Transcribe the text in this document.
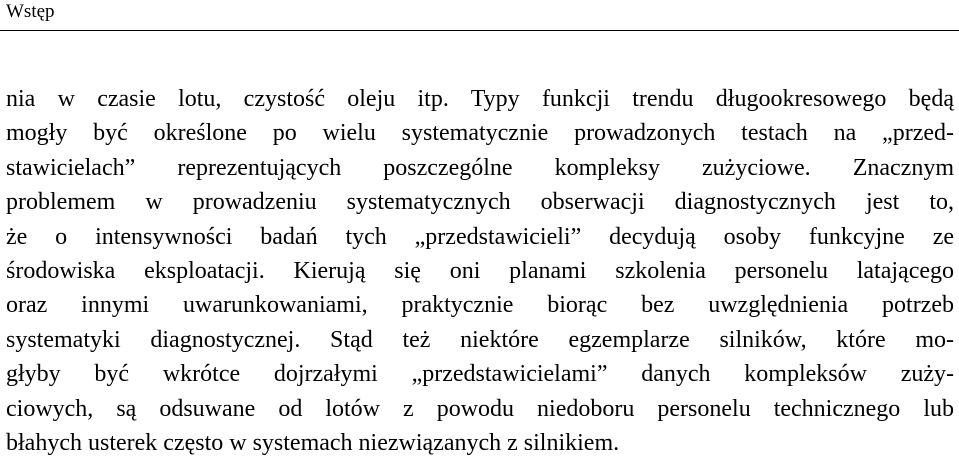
Wstęp
nia w czasie lotu, czystość oleju itp. Typy funkcji trendu długookresowego będą
mogły być określone po wielu systematycznie prowadzonych testach na „przed-
stawicielach” reprezentujących poszczególne kompleksy zużyciowe. Znacznym
problemem w prowadzeniu systematycznych obserwacji diagnostycznych jest to,
że o intensywności badań tych „przedstawicieli” decydują osoby funkcyjne ze
środowiska eksploatacji. Kierują się oni planami szkolenia personelu latającego
oraz innymi uwarunkowaniami, praktycznie biorąc bez uwzględnienia potrzeb
systematyki diagnostycznej. Stąd też niektóre egzemplarze silników, które mo-
głyby być wkrótce dojrzałymi „przedstawicielami” danych kompleksów zuży-
ciowych, są odsuwane od lotów z powodu niedoboru personelu technicznego lub
błahych usterek często w systemach niezwiązanych z silnikiem.
